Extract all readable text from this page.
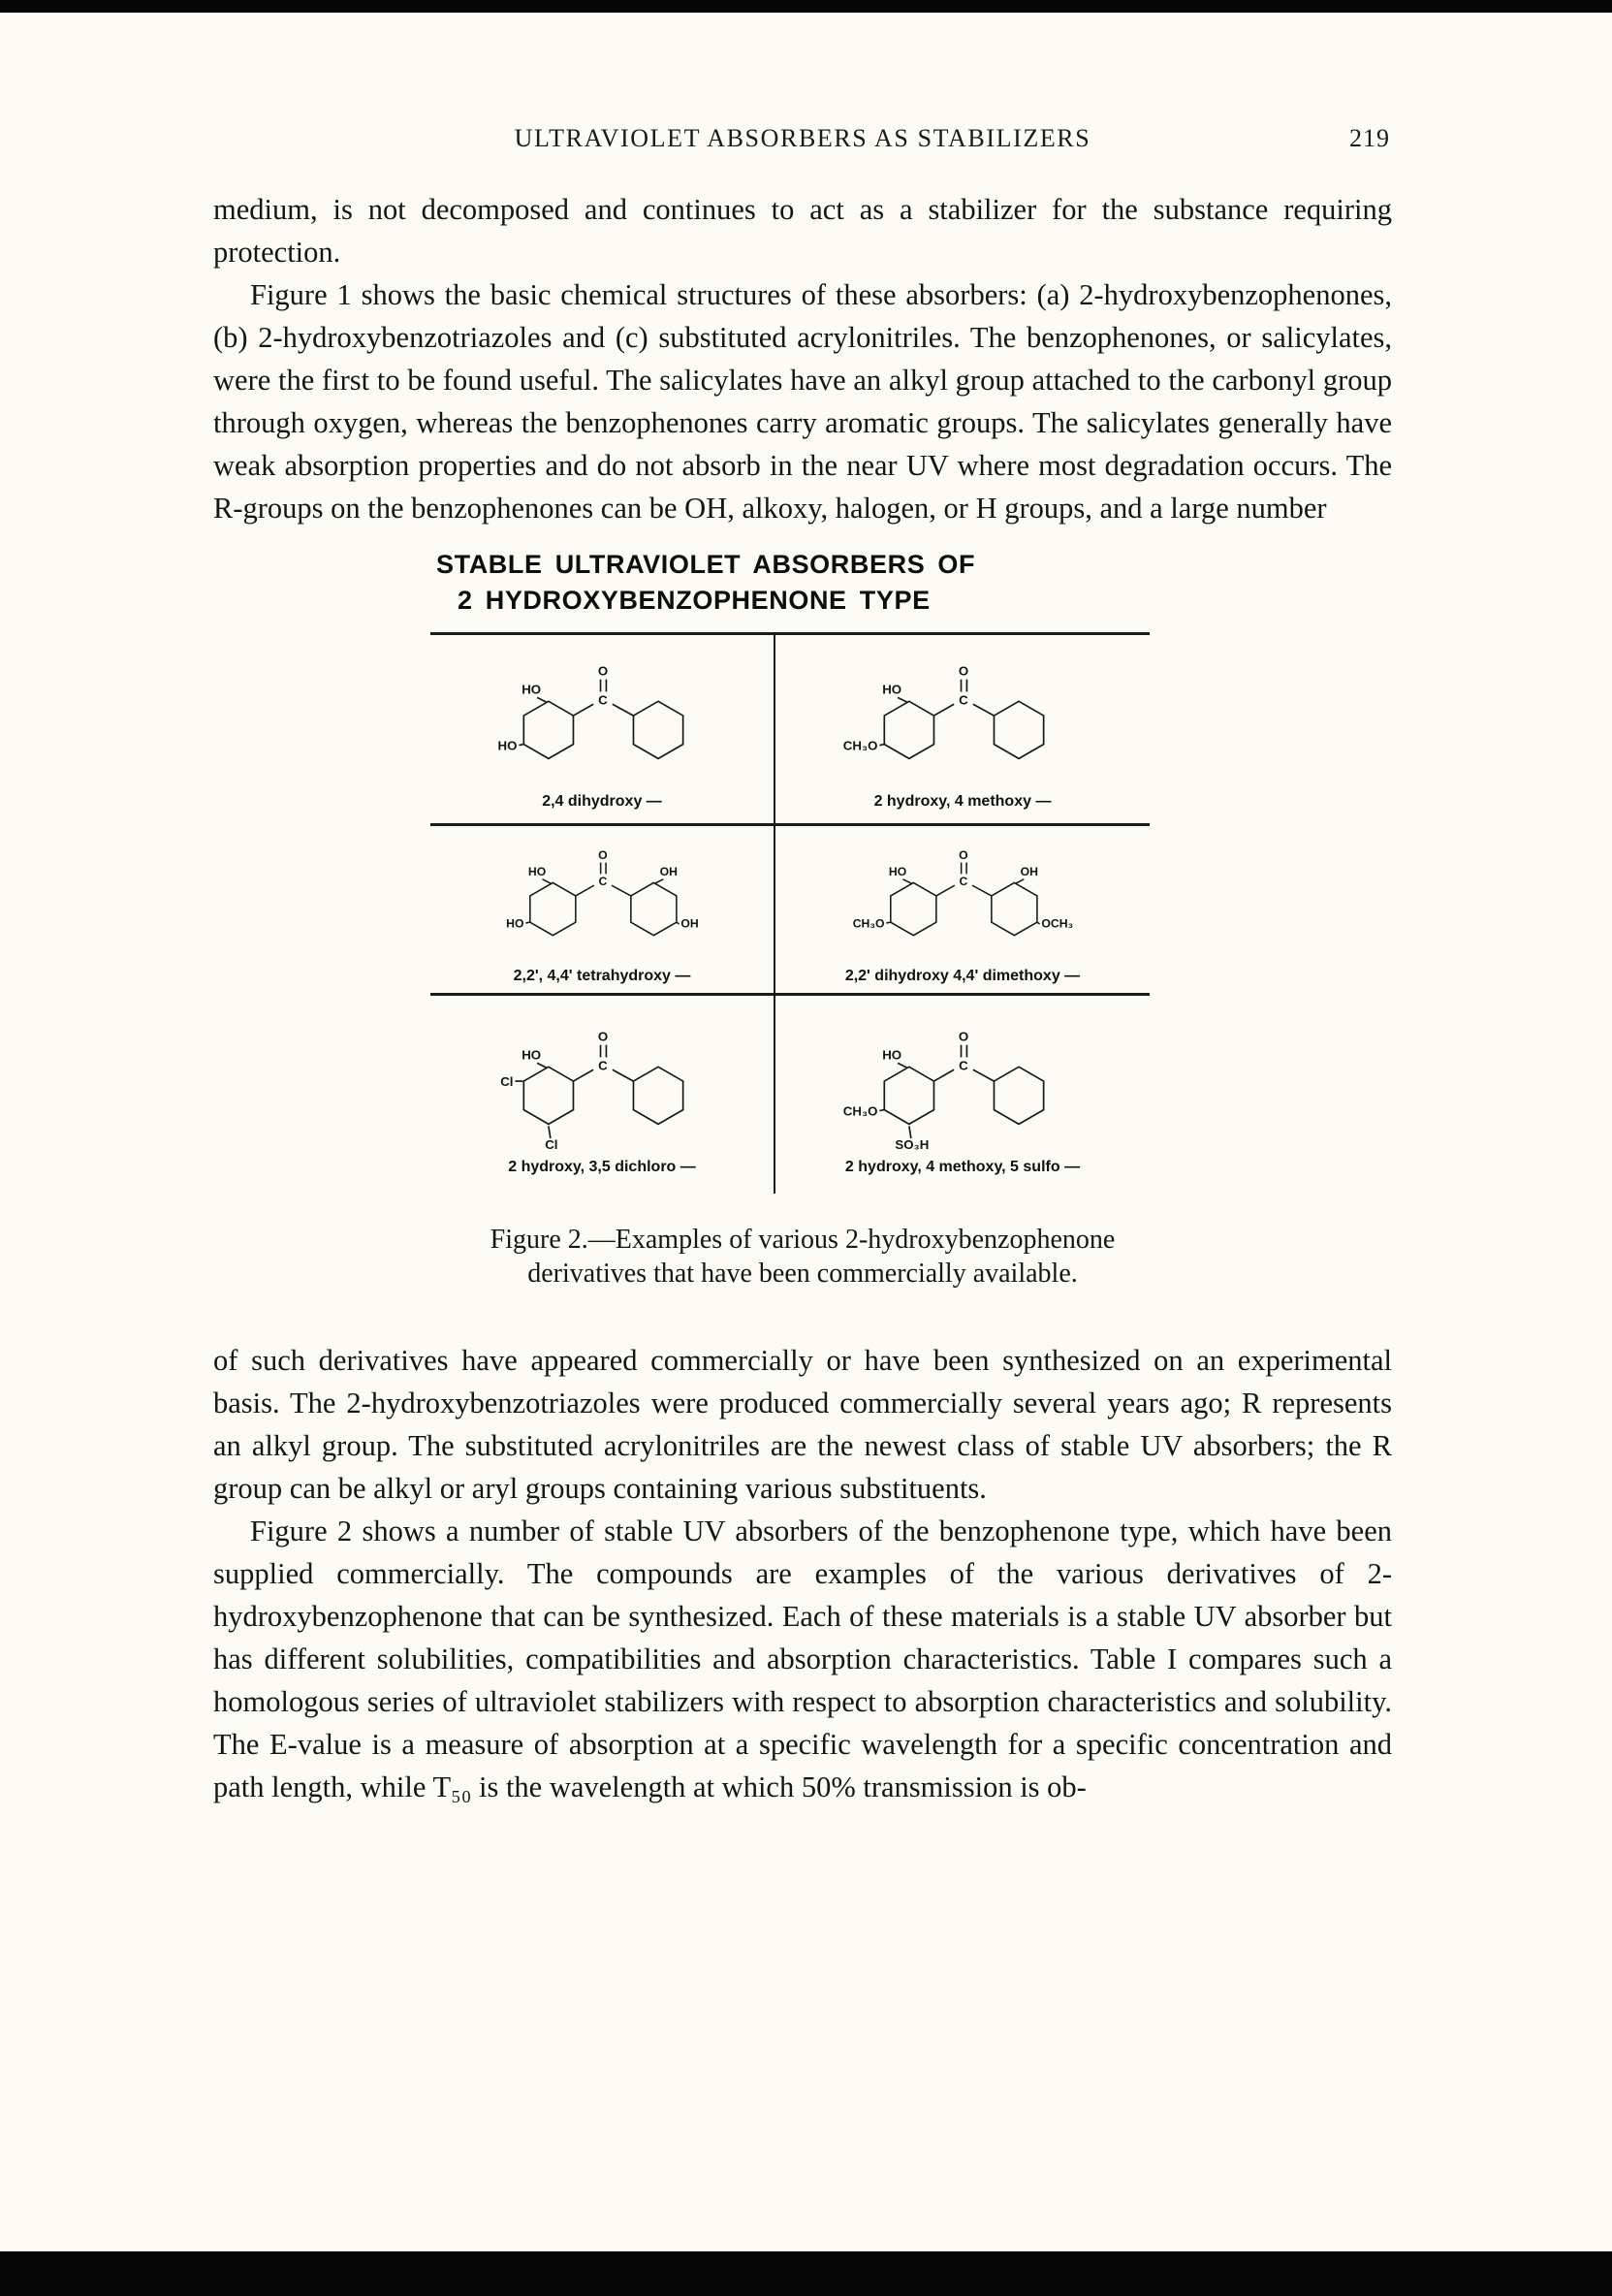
ULTRAVIOLET ABSORBERS AS STABILIZERS	219

medium, is not decomposed and continues to act as a stabilizer for the substance requiring protection.

Figure 1 shows the basic chemical structures of these absorbers: (a) 2-hydroxybenzophenones, (b) 2-hydroxybenzotriazoles and (c) substituted acrylonitriles. The benzophenones, or salicylates, were the first to be found useful. The salicylates have an alkyl group attached to the carbonyl group through oxygen, whereas the benzophenones carry aromatic groups. The salicylates generally have weak absorption properties and do not absorb in the near UV where most degradation occurs. The R-groups on the benzophenones can be OH, alkoxy, halogen, or H groups, and a large number

STABLE ULTRAVIOLET ABSORBERS OF
2 HYDROXYBENZOPHENONE TYPE
O
C
HO
HO
2,4 dihydroxy —
O
C
HO
CH₃O
2 hydroxy, 4 methoxy —
O
C
HO
HO
OH
OH
2,2', 4,4' tetrahydroxy —
O
C
HO
CH₃O
OH
OCH₃
2,2' dihydroxy 4,4' dimethoxy —
O
C
HO
Cl
Cl
2 hydroxy, 3,5 dichloro —
O
C
HO
CH₃O
SO₃H
2 hydroxy, 4 methoxy, 5 sulfo —
Figure 2.—Examples of various 2-hydroxybenzophenone
derivatives that have been commercially available.

of such derivatives have appeared commercially or have been synthesized on an experimental basis. The 2-hydroxybenzotriazoles were produced commercially several years ago; R represents an alkyl group. The substituted acrylonitriles are the newest class of stable UV absorbers; the R group can be alkyl or aryl groups containing various substituents.

Figure 2 shows a number of stable UV absorbers of the benzophenone type, which have been supplied commercially. The compounds are examples of the various derivatives of 2-hydroxybenzophenone that can be synthesized. Each of these materials is a stable UV absorber but has different solubilities, compatibilities and absorption characteristics. Table I compares such a homologous series of ultraviolet stabilizers with respect to absorption characteristics and solubility. The E-value is a measure of absorption at a specific wavelength for a specific concentration and path length, while T₅₀ is the wavelength at which 50% transmission is ob-
